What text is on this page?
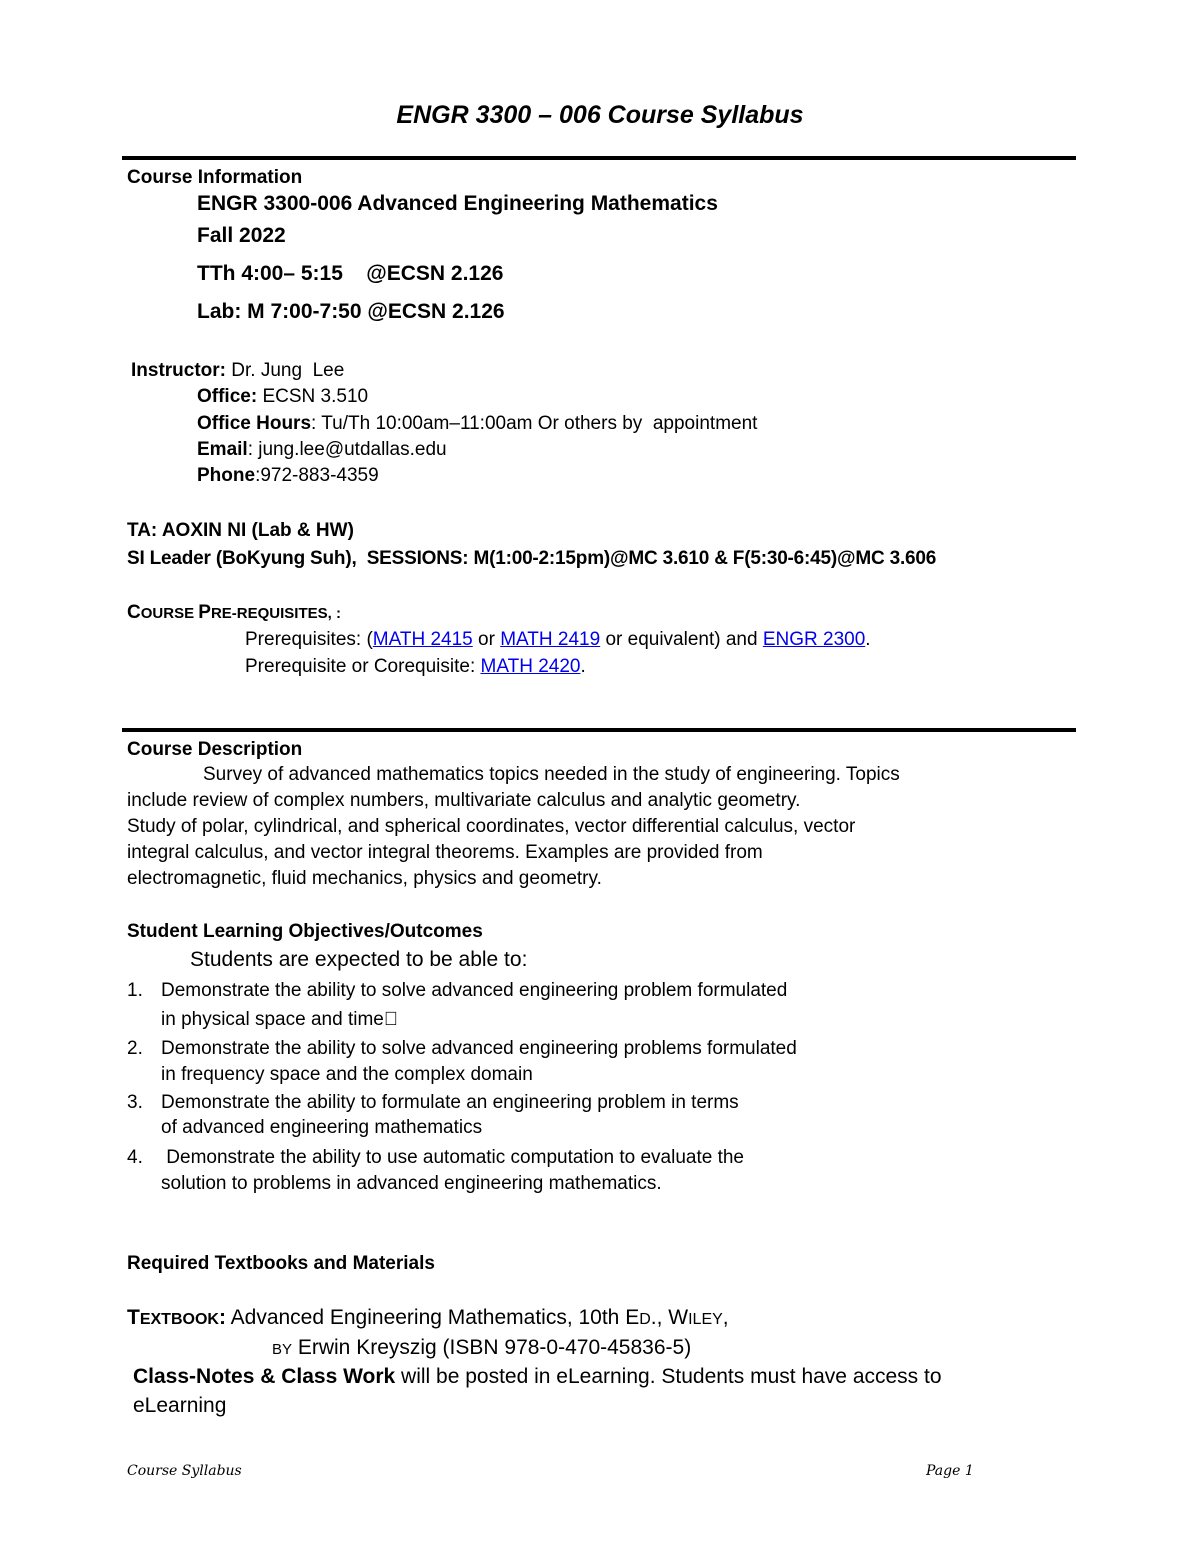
ENGR 3300 – 006 Course Syllabus
Course Information
ENGR 3300-006 Advanced Engineering Mathematics
Fall 2022
TTh 4:00– 5:15    @ECSN 2.126
Lab: M 7:00-7:50 @ECSN 2.126
Instructor: Dr. Jung  Lee
Office: ECSN 3.510
Office Hours: Tu/Th 10:00am–11:00am Or others by  appointment
Email: jung.lee@utdallas.edu
Phone:972-883-4359
TA: AOXIN NI (Lab & HW)
SI Leader (BoKyung Suh),  SESSIONS: M(1:00-2:15pm)@MC 3.610 & F(5:30-6:45)@MC 3.606
COURSE PRE-REQUISITES, :
Prerequisites: (MATH 2415 or MATH 2419 or equivalent) and ENGR 2300.
Prerequisite or Corequisite: MATH 2420.
Course Description
Survey of advanced mathematics topics needed in the study of engineering. Topics
include review of complex numbers, multivariate calculus and analytic geometry.
Study of polar, cylindrical, and spherical coordinates, vector differential calculus, vector
integral calculus, and vector integral theorems. Examples are provided from
electromagnetic, fluid mechanics, physics and geometry.
Student Learning Objectives/Outcomes
Students are expected to be able to:
1. Demonstrate the ability to solve advanced engineering problem formulated
in physical space and time
2. Demonstrate the ability to solve advanced engineering problems formulated
in frequency space and the complex domain
3. Demonstrate the ability to formulate an engineering problem in terms
of advanced engineering mathematics
4. Demonstrate the ability to use automatic computation to evaluate the
solution to problems in advanced engineering mathematics.
Required Textbooks and Materials
TEXTBOOK: Advanced Engineering Mathematics, 10th ED., WILEY,
BY Erwin Kreyszig (ISBN 978-0-470-45836-5)
Class-Notes & Class Work will be posted in eLearning. Students must have access to
eLearning
Course Syllabus	Page 1
